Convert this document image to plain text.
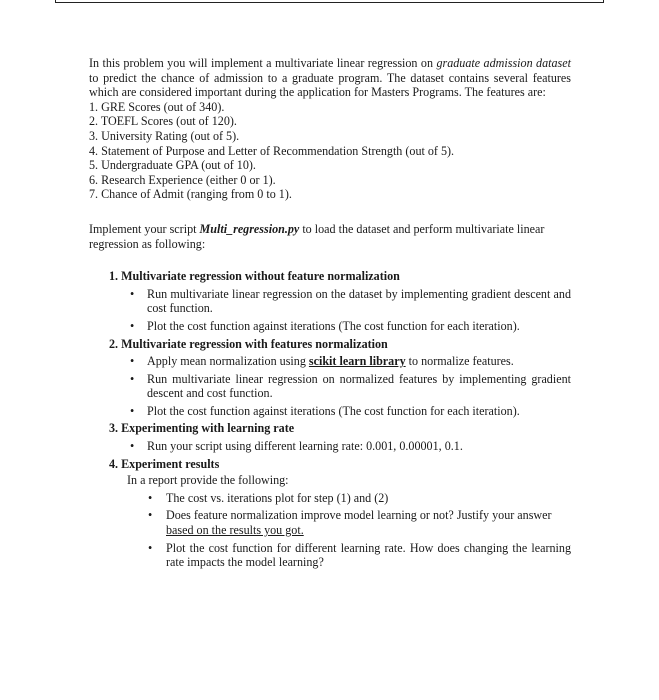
In this problem you will implement a multivariate linear regression on graduate admission dataset to predict the chance of admission to a graduate program. The dataset contains several features which are considered important during the application for Masters Programs. The features are:

1. GRE Scores (out of 340).
2. TOEFL Scores (out of 120).
3. University Rating (out of 5).
4. Statement of Purpose and Letter of Recommendation Strength (out of 5).
5. Undergraduate GPA (out of 10).
6. Research Experience (either 0 or 1).
7. Chance of Admit (ranging from 0 to 1).

Implement your script Multi_regression.py to load the dataset and perform multivariate linear regression as following:

1. Multivariate regression without feature normalization
• Run multivariate linear regression on the dataset by implementing gradient descent and cost function.
• Plot the cost function against iterations (The cost function for each iteration).
2. Multivariate regression with features normalization
• Apply mean normalization using scikit learn library to normalize features.
• Run multivariate linear regression on normalized features by implementing gradient descent and cost function.
• Plot the cost function against iterations (The cost function for each iteration).
3. Experimenting with learning rate
• Run your script using different learning rate: 0.001, 0.00001, 0.1.
4. Experiment results
In a report provide the following:
• The cost vs. iterations plot for step (1) and (2)
• Does feature normalization improve model learning or not? Justify your answer based on the results you got.
• Plot the cost function for different learning rate. How does changing the learning rate impacts the model learning?
